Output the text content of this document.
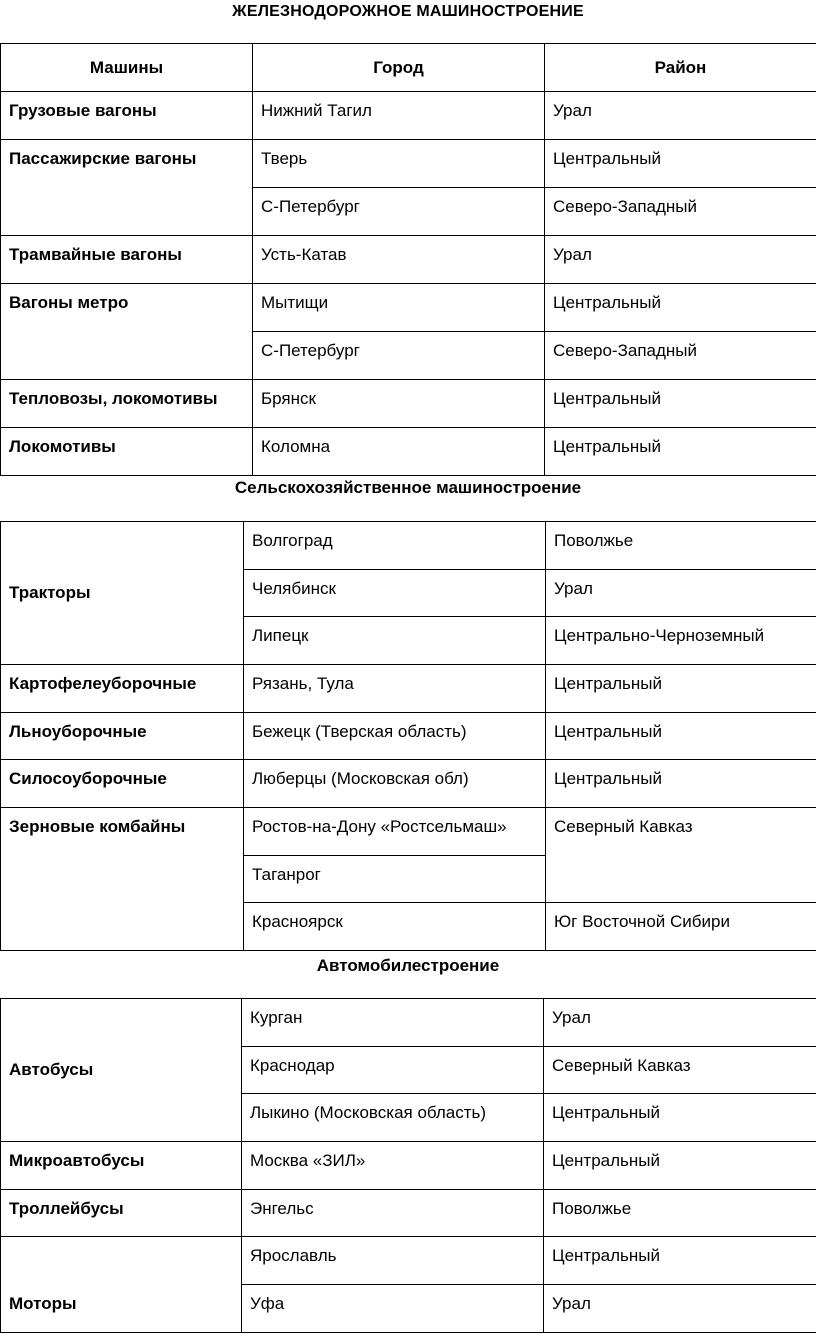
ЖЕЛЕЗНОДОРОЖНОЕ МАШИНОСТРОЕНИЕ
Машины	Город	Район
Грузовые вагоны	Нижний Тагил	Урал
Пассажирские вагоны	Тверь	Центральный
	С-Петербург	Северо-Западный
Трамвайные вагоны	Усть-Катав	Урал
Вагоны метро	Мытищи	Центральный
	С-Петербург	Северо-Западный
Тепловозы, локомотивы	Брянск	Центральный
Локомотивы	Коломна	Центральный
Сельскохозяйственное машиностроение
Тракторы	Волгоград	Поволжье
	Челябинск	Урал
	Липецк	Центрально-Черноземный
Картофелеуборочные	Рязань, Тула	Центральный
Льноуборочные	Бежецк (Тверская область)	Центральный
Силосоуборочные	Люберцы (Московская обл)	Центральный
Зерновые комбайны	Ростов-на-Дону «Ростсельмаш»	Северный Кавказ
	Таганрог	
	Красноярск	Юг Восточной Сибири
Автомобилестроение
Автобусы	Курган	Урал
	Краснодар	Северный Кавказ
	Лыкино (Московская область)	Центральный
Микроавтобусы	Москва «ЗИЛ»	Центральный
Троллейбусы	Энгельс	Поволжье
Моторы	Ярославль	Центральный
	Уфа	Урал
